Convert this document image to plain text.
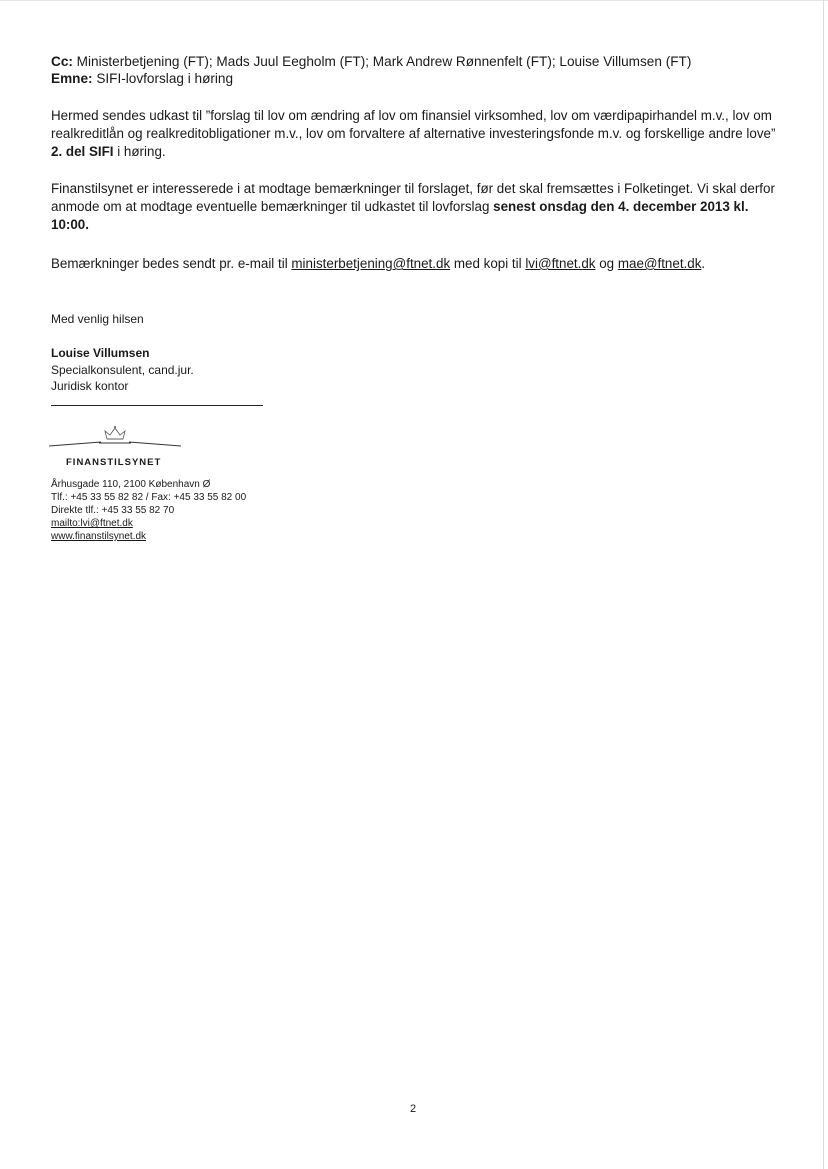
Cc: Ministerbetjening (FT); Mads Juul Eegholm (FT); Mark Andrew Rønnenfelt (FT); Louise Villumsen (FT)
Emne: SIFI-lovforslag i høring
Hermed sendes udkast til ”forslag til lov om ændring af lov om finansiel virksomhed, lov om værdipapirhandel m.v., lov om realkreditlån og realkreditobligationer m.v., lov om forvaltere af alternative investeringsfonde m.v. og forskellige andre love” 2. del SIFI i høring.
Finanstilsynet er interesserede i at modtage bemærkninger til forslaget, før det skal fremsættes i Folketinget. Vi skal derfor anmode om at modtage eventuelle bemærkninger til udkastet til lovforslag senest onsdag den 4. december 2013 kl. 10:00.
Bemærkninger bedes sendt pr. e-mail til ministerbetjening@ftnet.dk med kopi til lvi@ftnet.dk og mae@ftnet.dk.
Med venlig hilsen
Louise Villumsen
Specialkonsulent, cand.jur.
Juridisk kontor
FINANSTILSYNET
Århusgade 110, 2100 København Ø
Tlf.: +45 33 55 82 82 / Fax: +45 33 55 82 00
Direkte tlf.: +45 33 55 82 70
mailto:lvi@ftnet.dk
www.finanstilsynet.dk
2
